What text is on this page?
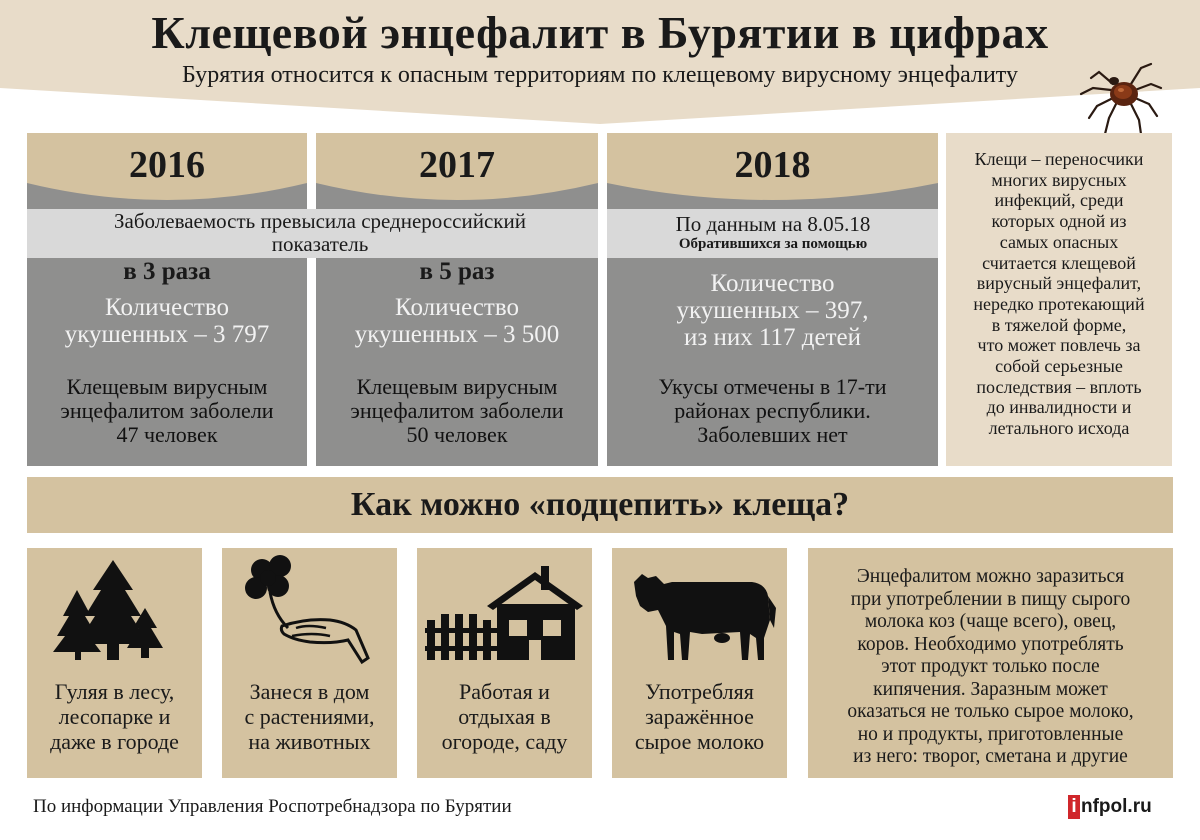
Клещевой энцефалит в Бурятии в цифрах
Бурятия относится к опасным территориям по клещевому вирусному энцефалиту
2016	2017	2018
Заболеваемость превысила среднероссийский
показатель
По данным на 8.05.18
Обратившихся за помощью
в 3 раза
Количество
укушенных – 3 797
Клещевым вирусным
энцефалитом заболели
47 человек
в 5 раз
Количество
укушенных – 3 500
Клещевым вирусным
энцефалитом заболели
50 человек
Количество
укушенных – 397,
из них 117 детей
Укусы отмечены в 17-ти
районах республики.
Заболевших нет
Клещи – переносчики
многих вирусных
инфекций, среди
которых одной из
самых опасных
считается клещевой
вирусный энцефалит,
нередко протекающий
в тяжелой форме,
что может повлечь за
собой серьезные
последствия – вплоть
до инвалидности и
летального исхода
Как можно «подцепить» клеща?
Гуляя в лесу,
лесопарке и
даже в городе
Занеся в дом
с растениями,
на животных
Работая и
отдыхая в
огороде, саду
Употребляя
заражённое
сырое молоко
Энцефалитом можно заразиться
при употреблении в пищу сырого
молока коз (чаще всего), овец,
коров. Необходимо употреблять
этот продукт только после
кипячения. Заразным может
оказаться не только сырое молоко,
но и продукты, приготовленные
из него: творог, сметана и другие
По информации Управления Роспотребнадзора по Бурятии	i nfpol.ru
